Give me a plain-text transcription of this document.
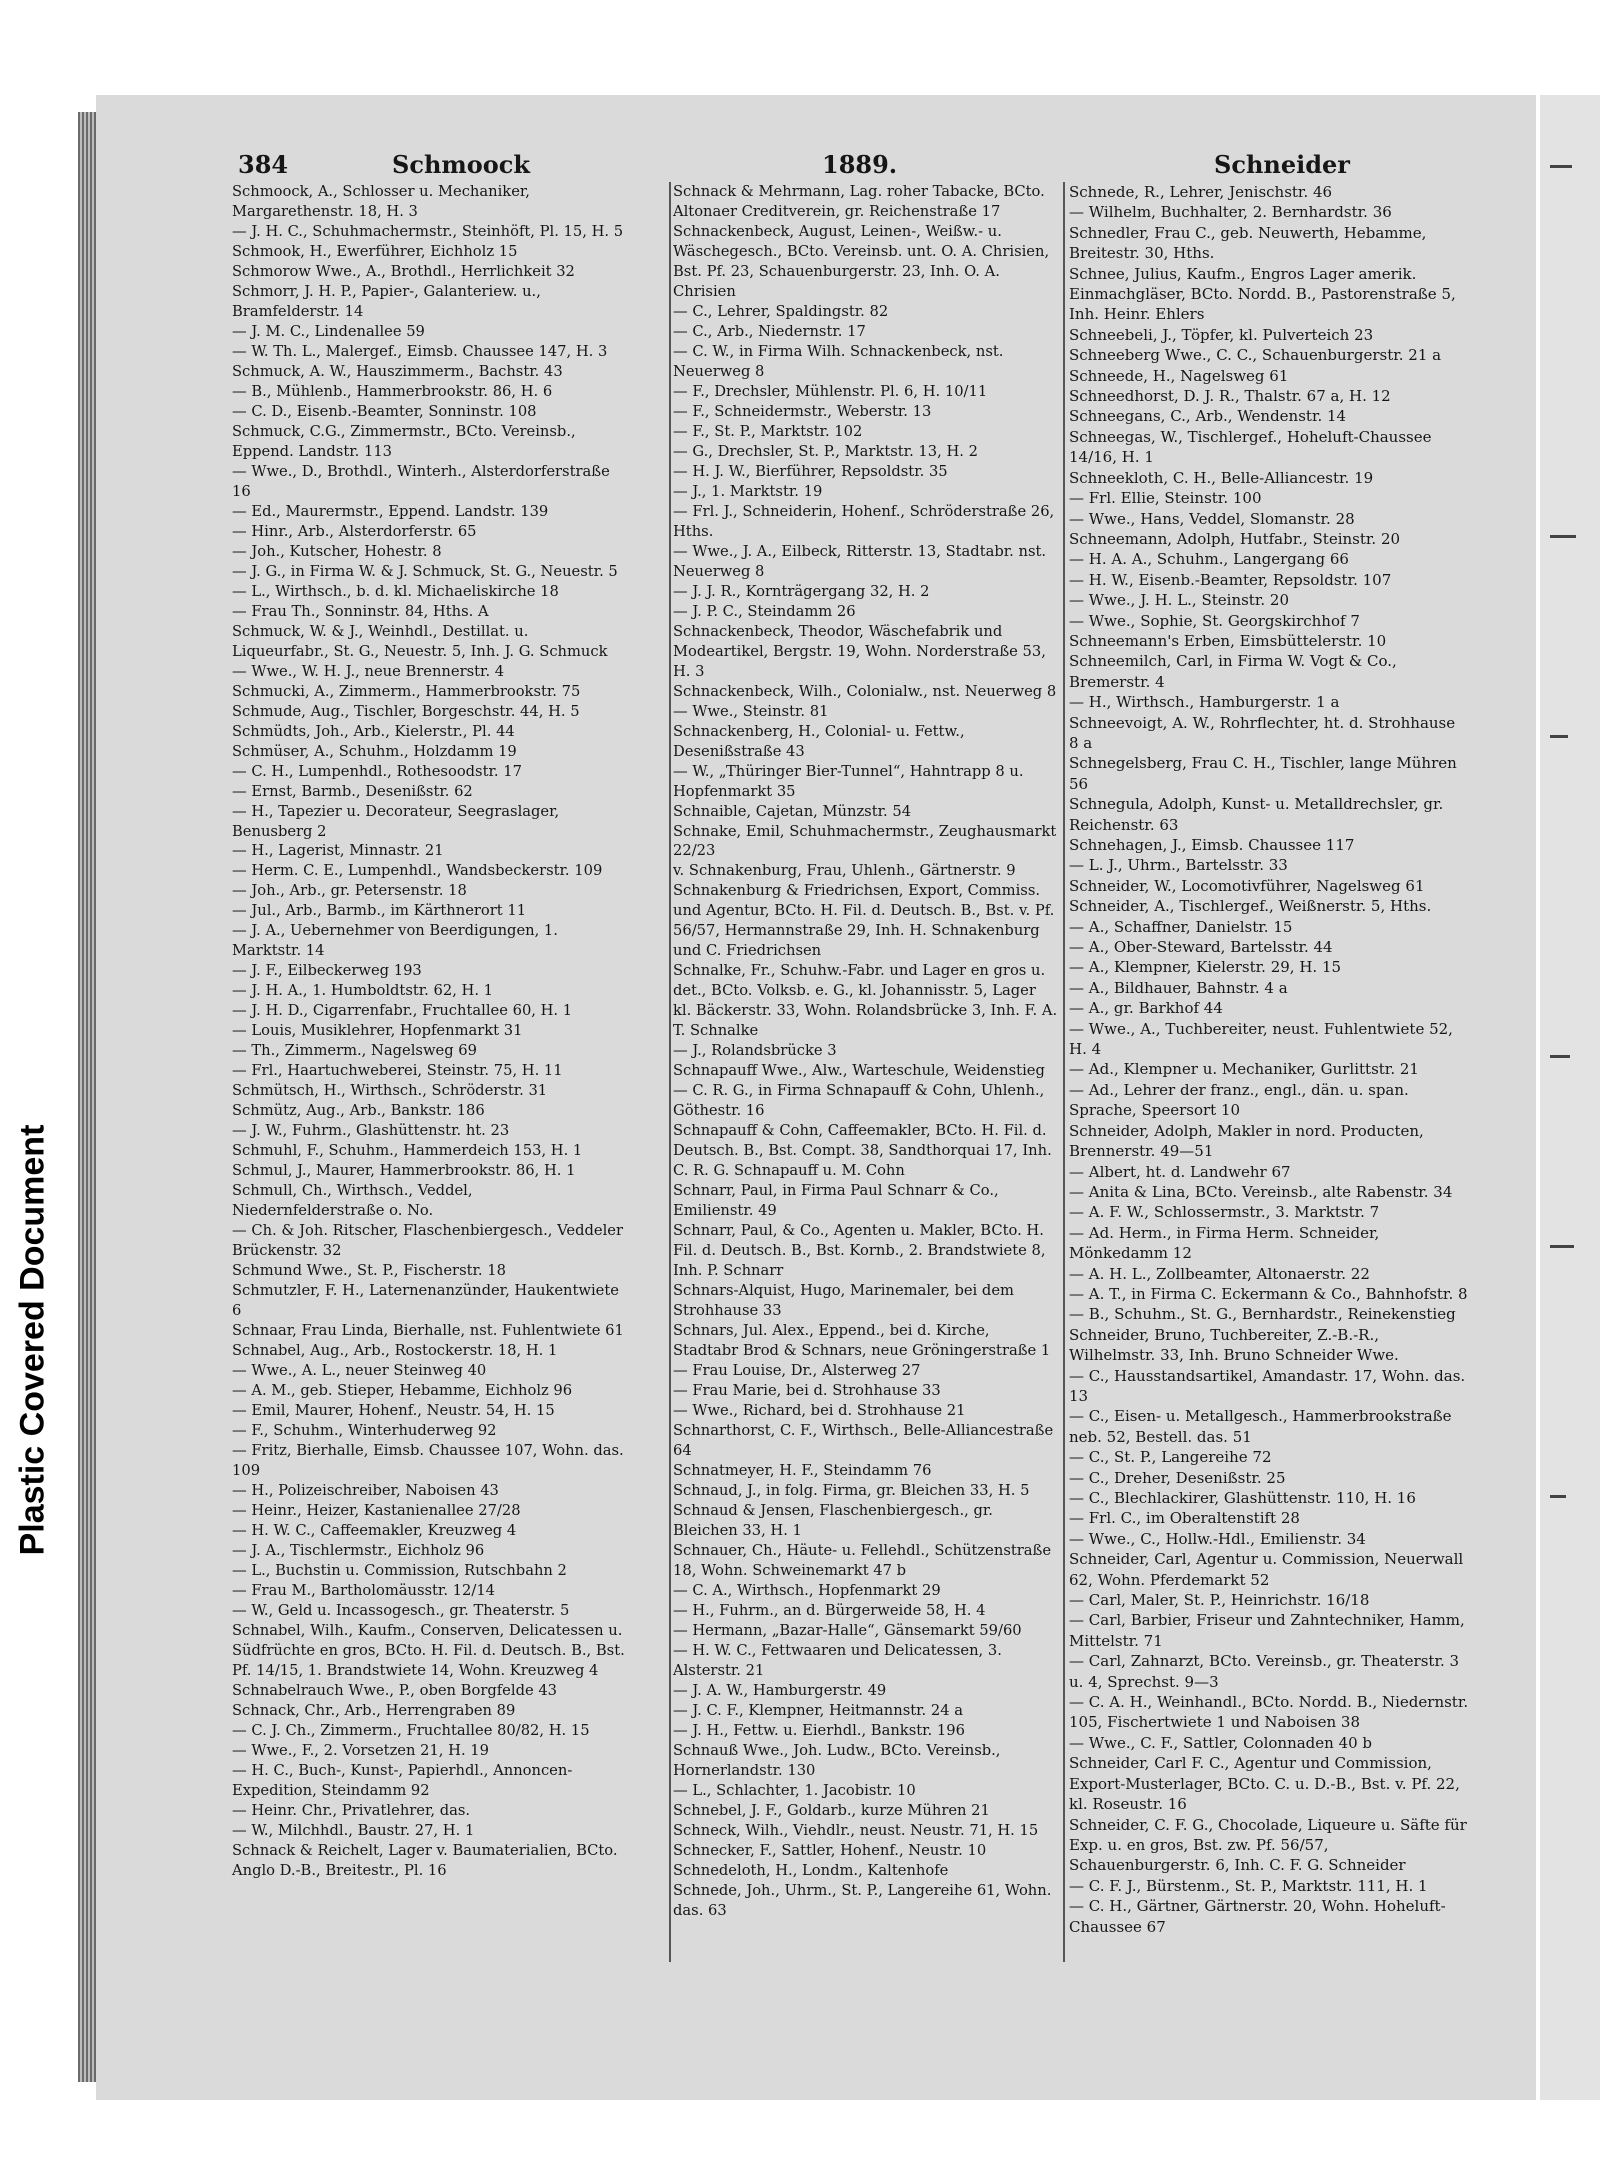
Plastic Covered Document
384	Schmoock	1889.	Schneider

Schmoock, A., Schlosser u. Mechaniker, Margarethenstr. 18, H. 3

— J. H. C., Schuhmachermstr., Steinhöft, Pl. 15, H. 5

Schmook, H., Ewerführer, Eichholz 15

Schmorow Wwe., A., Brothdl., Herrlichkeit 32

Schmorr, J. H. P., Papier-, Galanteriew. u., Bramfelderstr. 14

— J. M. C., Lindenallee 59

— W. Th. L., Malergef., Eimsb. Chaussee 147, H. 3

Schmuck, A. W., Hauszimmerm., Bachstr. 43

— B., Mühlenb., Hammerbrookstr. 86, H. 6

— C. D., Eisenb.-Beamter, Sonninstr. 108

Schmuck, C.G., Zimmermstr., BCto. Vereinsb., Eppend. Landstr. 113

— Wwe., D., Brothdl., Winterh., Alsterdorferstraße 16

— Ed., Maurermstr., Eppend. Landstr. 139

— Hinr., Arb., Alsterdorferstr. 65

— Joh., Kutscher, Hohestr. 8

— J. G., in Firma W. & J. Schmuck, St. G., Neuestr. 5

— L., Wirthsch., b. d. kl. Michaeliskirche 18

— Frau Th., Sonninstr. 84, Hths. A

Schmuck, W. & J., Weinhdl., Destillat. u. Liqueurfabr., St. G., Neuestr. 5, Inh. J. G. Schmuck

— Wwe., W. H. J., neue Brennerstr. 4

Schmucki, A., Zimmerm., Hammerbrookstr. 75

Schmude, Aug., Tischler, Borgeschstr. 44, H. 5

Schmüdts, Joh., Arb., Kielerstr., Pl. 44

Schmüser, A., Schuhm., Holzdamm 19

— C. H., Lumpenhdl., Rothesoodstr. 17

— Ernst, Barmb., Desenißstr. 62

— H., Tapezier u. Decorateur, Seegraslager, Benusberg 2

— H., Lagerist, Minnastr. 21

— Herm. C. E., Lumpenhdl., Wandsbeckerstr. 109

— Joh., Arb., gr. Petersenstr. 18

— Jul., Arb., Barmb., im Kärthnerort 11

— J. A., Uebernehmer von Beerdigungen, 1. Marktstr. 14

— J. F., Eilbeckerweg 193

— J. H. A., 1. Humboldtstr. 62, H. 1

— J. H. D., Cigarrenfabr., Fruchtallee 60, H. 1

— Louis, Musiklehrer, Hopfenmarkt 31

— Th., Zimmerm., Nagelsweg 69

— Frl., Haartuchweberei, Steinstr. 75, H. 11

Schmütsch, H., Wirthsch., Schröderstr. 31

Schmütz, Aug., Arb., Bankstr. 186

— J. W., Fuhrm., Glashüttenstr. ht. 23

Schmuhl, F., Schuhm., Hammerdeich 153, H. 1

Schmul, J., Maurer, Hammerbrookstr. 86, H. 1

Schmull, Ch., Wirthsch., Veddel, Niedernfelderstraße o. No.

— Ch. & Joh. Ritscher, Flaschenbiergesch., Veddeler Brückenstr. 32

Schmund Wwe., St. P., Fischerstr. 18

Schmutzler, F. H., Laternenanzünder, Haukentwiete 6

Schnaar, Frau Linda, Bierhalle, nst. Fuhlentwiete 61

Schnabel, Aug., Arb., Rostockerstr. 18, H. 1

— Wwe., A. L., neuer Steinweg 40

— A. M., geb. Stieper, Hebamme, Eichholz 96

— Emil, Maurer, Hohenf., Neustr. 54, H. 15

— F., Schuhm., Winterhuderweg 92

— Fritz, Bierhalle, Eimsb. Chaussee 107, Wohn. das. 109

— H., Polizeischreiber, Naboisen 43

— Heinr., Heizer, Kastanienallee 27/28

— H. W. C., Caffeemakler, Kreuzweg 4

— J. A., Tischlermstr., Eichholz 96

— L., Buchstin u. Commission, Rutschbahn 2

— Frau M., Bartholomäusstr. 12/14

— W., Geld u. Incassogesch., gr. Theaterstr. 5

Schnabel, Wilh., Kaufm., Conserven, Delicatessen u. Südfrüchte en gros, BCto. H. Fil. d. Deutsch. B., Bst. Pf. 14/15, 1. Brandstwiete 14, Wohn. Kreuzweg 4

Schnabelrauch Wwe., P., oben Borgfelde 43

Schnack, Chr., Arb., Herrengraben 89

— C. J. Ch., Zimmerm., Fruchtallee 80/82, H. 15

— Wwe., F., 2. Vorsetzen 21, H. 19

— H. C., Buch-, Kunst-, Papierhdl., Annoncen-Expedition, Steindamm 92

— Heinr. Chr., Privatlehrer, das.

— W., Milchhdl., Baustr. 27, H. 1

Schnack & Reichelt, Lager v. Baumaterialien, BCto. Anglo D.-B., Breitestr., Pl. 16

Schnack & Mehrmann, Lag. roher Tabacke, BCto. Altonaer Creditverein, gr. Reichenstraße 17

Schnackenbeck, August, Leinen-, Weißw.- u. Wäschegesch., BCto. Vereinsb. unt. O. A. Chrisien, Bst. Pf. 23, Schauenburgerstr. 23, Inh. O. A. Chrisien

— C., Lehrer, Spaldingstr. 82

— C., Arb., Niedernstr. 17

— C. W., in Firma Wilh. Schnackenbeck, nst. Neuerweg 8

— F., Drechsler, Mühlenstr. Pl. 6, H. 10/11

— F., Schneidermstr., Weberstr. 13

— F., St. P., Marktstr. 102

— G., Drechsler, St. P., Marktstr. 13, H. 2

— H. J. W., Bierführer, Repsoldstr. 35

— J., 1. Marktstr. 19

— Frl. J., Schneiderin, Hohenf., Schröderstraße 26, Hths.

— Wwe., J. A., Eilbeck, Ritterstr. 13, Stadtabr. nst. Neuerweg 8

— J. J. R., Kornträgergang 32, H. 2

— J. P. C., Steindamm 26

Schnackenbeck, Theodor, Wäschefabrik und Modeartikel, Bergstr. 19, Wohn. Norderstraße 53, H. 3

Schnackenbeck, Wilh., Colonialw., nst. Neuerweg 8

— Wwe., Steinstr. 81

Schnackenberg, H., Colonial- u. Fettw., Desenißstraße 43

— W., „Thüringer Bier-Tunnel“, Hahntrapp 8 u. Hopfenmarkt 35

Schnaible, Cajetan, Münzstr. 54

Schnake, Emil, Schuhmachermstr., Zeughausmarkt 22/23

v. Schnakenburg, Frau, Uhlenh., Gärtnerstr. 9

Schnakenburg & Friedrichsen, Export, Commiss. und Agentur, BCto. H. Fil. d. Deutsch. B., Bst. v. Pf. 56/57, Hermannstraße 29, Inh. H. Schnakenburg und C. Friedrichsen

Schnalke, Fr., Schuhw.-Fabr. und Lager en gros u. det., BCto. Volksb. e. G., kl. Johannisstr. 5, Lager kl. Bäckerstr. 33, Wohn. Rolandsbrücke 3, Inh. F. A. T. Schnalke

— J., Rolandsbrücke 3

Schnapauff Wwe., Alw., Warteschule, Weidenstieg

— C. R. G., in Firma Schnapauff & Cohn, Uhlenh., Göthestr. 16

Schnapauff & Cohn, Caffeemakler, BCto. H. Fil. d. Deutsch. B., Bst. Compt. 38, Sandthorquai 17, Inh. C. R. G. Schnapauff u. M. Cohn

Schnarr, Paul, in Firma Paul Schnarr & Co., Emilienstr. 49

Schnarr, Paul, & Co., Agenten u. Makler, BCto. H. Fil. d. Deutsch. B., Bst. Kornb., 2. Brandstwiete 8, Inh. P. Schnarr

Schnars-Alquist, Hugo, Marinemaler, bei dem Strohhause 33

Schnars, Jul. Alex., Eppend., bei d. Kirche, Stadtabr Brod & Schnars, neue Gröningerstraße 1

— Frau Louise, Dr., Alsterweg 27

— Frau Marie, bei d. Strohhause 33

— Wwe., Richard, bei d. Strohhause 21

Schnarthorst, C. F., Wirthsch., Belle-Alliancestraße 64

Schnatmeyer, H. F., Steindamm 76

Schnaud, J., in folg. Firma, gr. Bleichen 33, H. 5

Schnaud & Jensen, Flaschenbiergesch., gr. Bleichen 33, H. 1

Schnauer, Ch., Häute- u. Fellehdl., Schützenstraße 18, Wohn. Schweinemarkt 47 b

— C. A., Wirthsch., Hopfenmarkt 29

— H., Fuhrm., an d. Bürgerweide 58, H. 4

— Hermann, „Bazar-Halle“, Gänsemarkt 59/60

— H. W. C., Fettwaaren und Delicatessen, 3. Alsterstr. 21

— J. A. W., Hamburgerstr. 49

— J. C. F., Klempner, Heitmannstr. 24 a

— J. H., Fettw. u. Eierhdl., Bankstr. 196

Schnauß Wwe., Joh. Ludw., BCto. Vereinsb., Hornerlandstr. 130

— L., Schlachter, 1. Jacobistr. 10

Schnebel, J. F., Goldarb., kurze Mühren 21

Schneck, Wilh., Viehdlr., neust. Neustr. 71, H. 15

Schnecker, F., Sattler, Hohenf., Neustr. 10

Schnedeloth, H., Londm., Kaltenhofe

Schnede, Joh., Uhrm., St. P., Langereihe 61, Wohn. das. 63

Schnede, R., Lehrer, Jenischstr. 46

— Wilhelm, Buchhalter, 2. Bernhardstr. 36

Schnedler, Frau C., geb. Neuwerth, Hebamme, Breitestr. 30, Hths.

Schnee, Julius, Kaufm., Engros Lager amerik. Einmachgläser, BCto. Nordd. B., Pastorenstraße 5, Inh. Heinr. Ehlers

Schneebeli, J., Töpfer, kl. Pulverteich 23

Schneeberg Wwe., C. C., Schauenburgerstr. 21 a

Schneede, H., Nagelsweg 61

Schneedhorst, D. J. R., Thalstr. 67 a, H. 12

Schneegans, C., Arb., Wendenstr. 14

Schneegas, W., Tischlergef., Hoheluft-Chaussee 14/16, H. 1

Schneekloth, C. H., Belle-Alliancestr. 19

— Frl. Ellie, Steinstr. 100

— Wwe., Hans, Veddel, Slomanstr. 28

Schneemann, Adolph, Hutfabr., Steinstr. 20

— H. A. A., Schuhm., Langergang 66

— H. W., Eisenb.-Beamter, Repsoldstr. 107

— Wwe., J. H. L., Steinstr. 20

— Wwe., Sophie, St. Georgskirchhof 7

Schneemann's Erben, Eimsbüttelerstr. 10

Schneemilch, Carl, in Firma W. Vogt & Co., Bremerstr. 4

— H., Wirthsch., Hamburgerstr. 1 a

Schneevoigt, A. W., Rohrflechter, ht. d. Strohhause 8 a

Schnegelsberg, Frau C. H., Tischler, lange Mühren 56

Schnegula, Adolph, Kunst- u. Metalldrechsler, gr. Reichenstr. 63

Schnehagen, J., Eimsb. Chaussee 117

— L. J., Uhrm., Bartelsstr. 33

Schneider, W., Locomotivführer, Nagelsweg 61

Schneider, A., Tischlergef., Weißnerstr. 5, Hths.

— A., Schaffner, Danielstr. 15

— A., Ober-Steward, Bartelsstr. 44

— A., Klempner, Kielerstr. 29, H. 15

— A., Bildhauer, Bahnstr. 4 a

— A., gr. Barkhof 44

— Wwe., A., Tuchbereiter, neust. Fuhlentwiete 52, H. 4

— Ad., Klempner u. Mechaniker, Gurlittstr. 21

— Ad., Lehrer der franz., engl., dän. u. span. Sprache, Speersort 10

Schneider, Adolph, Makler in nord. Producten, Brennerstr. 49—51

— Albert, ht. d. Landwehr 67

— Anita & Lina, BCto. Vereinsb., alte Rabenstr. 34

— A. F. W., Schlossermstr., 3. Marktstr. 7

— Ad. Herm., in Firma Herm. Schneider, Mönkedamm 12

— A. H. L., Zollbeamter, Altonaerstr. 22

— A. T., in Firma C. Eckermann & Co., Bahnhofstr. 8

— B., Schuhm., St. G., Bernhardstr., Reinekenstieg

Schneider, Bruno, Tuchbereiter, Z.-B.-R., Wilhelmstr. 33, Inh. Bruno Schneider Wwe.

— C., Hausstandsartikel, Amandastr. 17, Wohn. das. 13

— C., Eisen- u. Metallgesch., Hammerbrookstraße neb. 52, Bestell. das. 51

— C., St. P., Langereihe 72

— C., Dreher, Desenißstr. 25

— C., Blechlackirer, Glashüttenstr. 110, H. 16

— Frl. C., im Oberaltenstift 28

— Wwe., C., Hollw.-Hdl., Emilienstr. 34

Schneider, Carl, Agentur u. Commission, Neuerwall 62, Wohn. Pferdemarkt 52

— Carl, Maler, St. P., Heinrichstr. 16/18

— Carl, Barbier, Friseur und Zahntechniker, Hamm, Mittelstr. 71

— Carl, Zahnarzt, BCto. Vereinsb., gr. Theaterstr. 3 u. 4, Sprechst. 9—3

— C. A. H., Weinhandl., BCto. Nordd. B., Niedernstr. 105, Fischertwiete 1 und Naboisen 38

— Wwe., C. F., Sattler, Colonnaden 40 b

Schneider, Carl F. C., Agentur und Commission, Export-Musterlager, BCto. C. u. D.-B., Bst. v. Pf. 22, kl. Roseustr. 16

Schneider, C. F. G., Chocolade, Liqueure u. Säfte für Exp. u. en gros, Bst. zw. Pf. 56/57, Schauenburgerstr. 6, Inh. C. F. G. Schneider

— C. F. J., Bürstenm., St. P., Marktstr. 111, H. 1

— C. H., Gärtner, Gärtnerstr. 20, Wohn. Hoheluft-Chaussee 67
